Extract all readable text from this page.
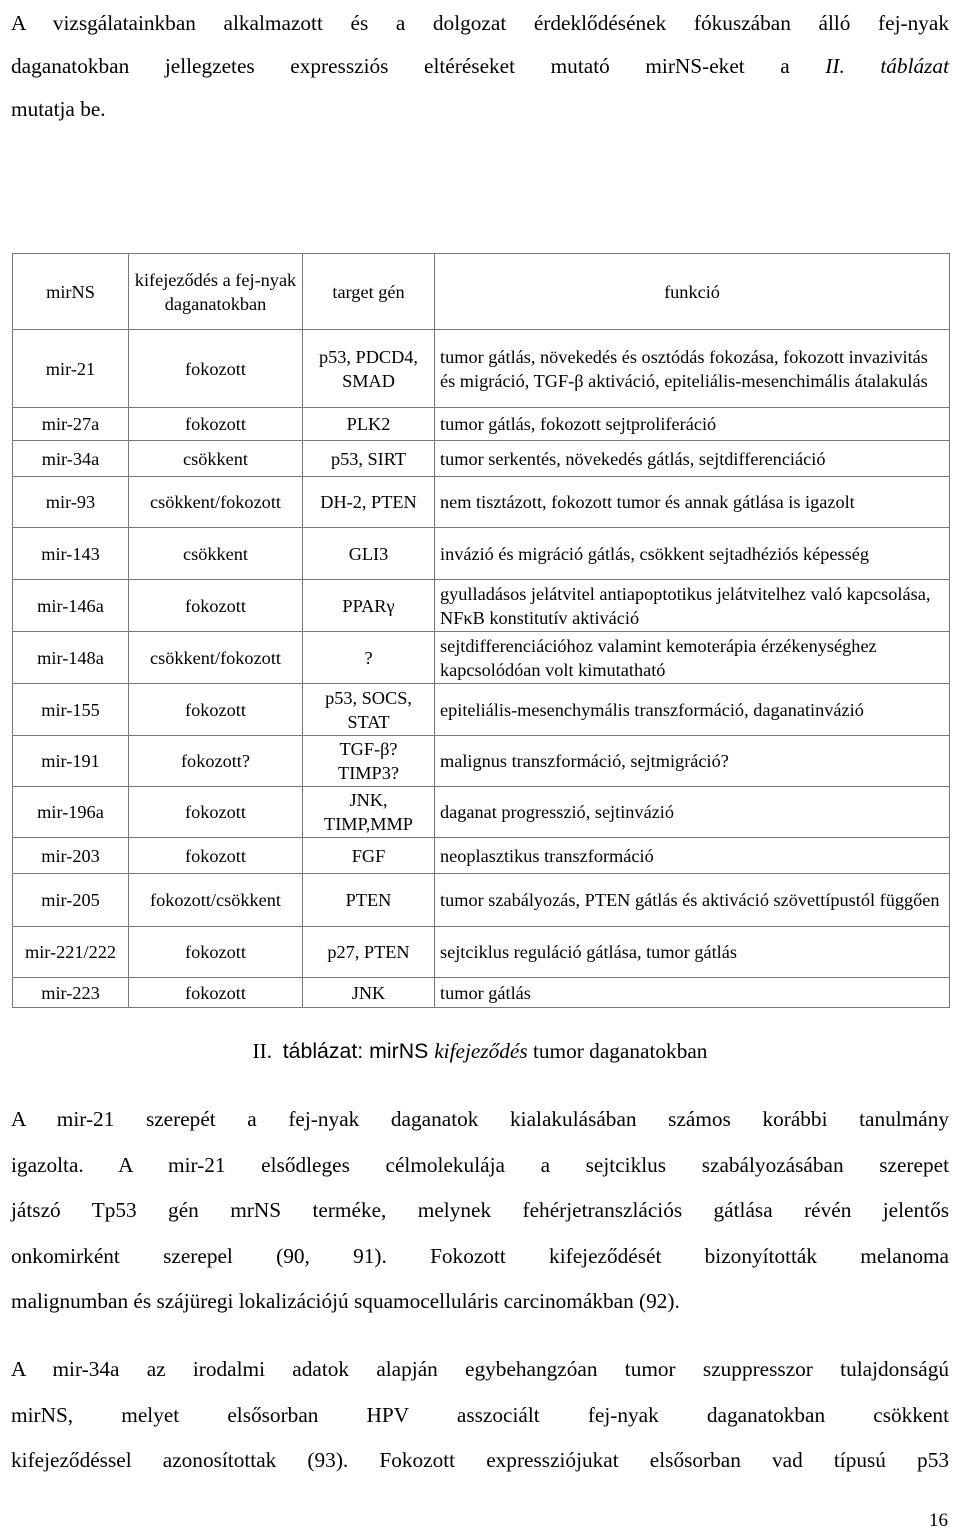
A vizsgálatainkban alkalmazott és a dolgozat érdeklődésének fókuszában álló fej-nyak
daganatokban jellegzetes expressziós eltéréseket mutató mirNS-eket a II. táblázat
mutatja be.
mirNS	kifejeződés a fej-nyak daganatokban	target gén	funkció
mir-21	fokozott	p53, PDCD4, SMAD	tumor gátlás, növekedés és osztódás fokozása, fokozott invazivitás és migráció, TGF-β aktiváció, epiteliális-mesenchimális átalakulás
mir-27a	fokozott	PLK2	tumor gátlás, fokozott sejtproliferáció
mir-34a	csökkent	p53, SIRT	tumor serkentés, növekedés gátlás, sejtdifferenciáció
mir-93	csökkent/fokozott	DH-2, PTEN	nem tisztázott, fokozott tumor és annak gátlása is igazolt
mir-143	csökkent	GLI3	invázió és migráció gátlás, csökkent sejtadhéziós képesség
mir-146a	fokozott	PPARγ	gyulladásos jelátvitel antiapoptotikus jelátvitelhez való kapcsolása, NFκB konstitutív aktiváció
mir-148a	csökkent/fokozott	?	sejtdifferenciációhoz valamint kemoterápia érzékenységhez kapcsolódóan volt kimutatható
mir-155	fokozott	p53, SOCS, STAT	epiteliális-mesenchymális transzformáció, daganatinvázió
mir-191	fokozott?	TGF-β? TIMP3?	malignus transzformáció, sejtmigráció?
mir-196a	fokozott	JNK, TIMP,MMP	daganat progresszió, sejtinvázió
mir-203	fokozott	FGF	neoplasztikus transzformáció
mir-205	fokozott/csökkent	PTEN	tumor szabályozás, PTEN gátlás és aktiváció szövettípustól függően
mir-221/222	fokozott	p27, PTEN	sejtciklus reguláció gátlása, tumor gátlás
mir-223	fokozott	JNK	tumor gátlás
II. táblázat: mirNS kifejeződés tumor daganatokban
A mir-21 szerepét a fej-nyak daganatok kialakulásában számos korábbi tanulmány
igazolta. A mir-21 elsődleges célmolekulája a sejtciklus szabályozásában szerepet
játszó Tp53 gén mrNS terméke, melynek fehérjetranszlációs gátlása révén jelentős
onkomirként szerepel (90, 91). Fokozott kifejeződését bizonyították melanoma
malignumban és szájüregi lokalizációjú squamocelluláris carcinomákban (92).
A mir-34a az irodalmi adatok alapján egybehangzóan tumor szuppresszor tulajdonságú
mirNS, melyet elsősorban HPV asszociált fej-nyak daganatokban csökkent
kifejeződéssel azonosítottak (93). Fokozott expressziójukat elsősorban vad típusú p53
16
